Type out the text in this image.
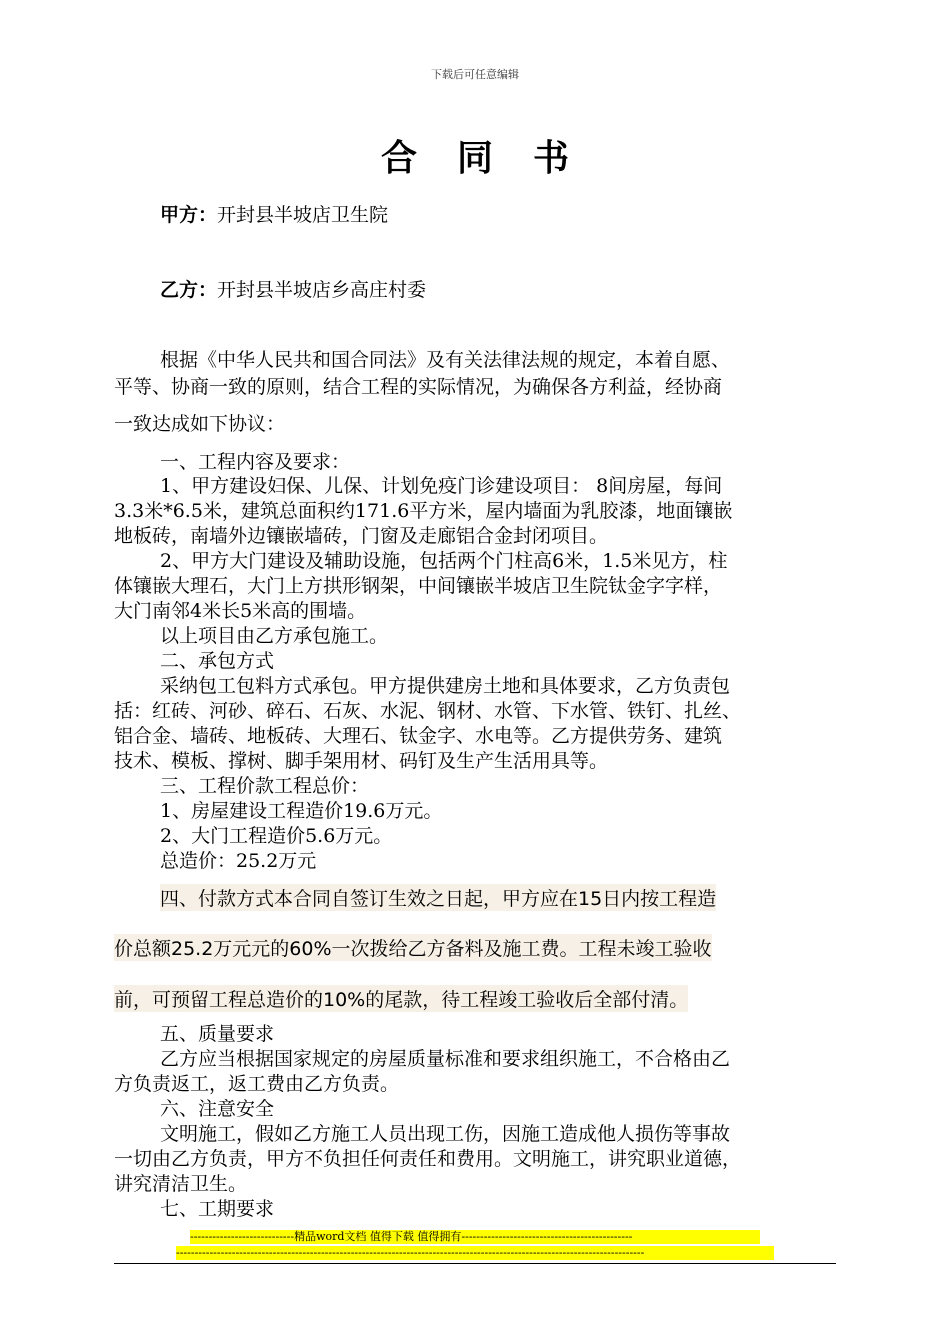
下载后可任意编辑
合同书
甲方：开封县半坡店卫生院
乙方：开封县半坡店乡高庄村委
根据《中华人民共和国合同法》及有关法律法规的规定，本着自愿、
平等、协商一致的原则，结合工程的实际情况，为确保各方利益，经协商
一致达成如下协议：
一、工程内容及要求：
1、甲方建设妇保、儿保、计划免疫门诊建设项目： 8间房屋，每间
3.3米*6.5米，建筑总面积约171.6平方米，屋内墙面为乳胶漆，地面镶嵌
地板砖，南墙外边镶嵌墙砖，门窗及走廊铝合金封闭项目。
2、甲方大门建设及辅助设施，包括两个门柱高6米，1.5米见方，柱
体镶嵌大理石，大门上方拱形钢架，中间镶嵌半坡店卫生院钛金字字样，
大门南邻4米长5米高的围墙。
以上项目由乙方承包施工。
二、承包方式
采纳包工包料方式承包。甲方提供建房土地和具体要求，乙方负责包
括：红砖、河砂、碎石、石灰、水泥、钢材、水管、下水管、铁钉、扎丝、
铝合金、墙砖、地板砖、大理石、钛金字、水电等。乙方提供劳务、建筑
技术、模板、撑树、脚手架用材、码钉及生产生活用具等。
三、工程价款工程总价：
1、房屋建设工程造价19.6万元。
2、大门工程造价5.6万元。
总造价：25.2万元
四、付款方式本合同自签订生效之日起，甲方应在15日内按工程造
价总额25.2万元元的60%一次拨给乙方备料及施工费。工程未竣工验收
前，可预留工程总造价的10%的尾款，待工程竣工验收后全部付清。
五、质量要求
乙方应当根据国家规定的房屋质量标准和要求组织施工，不合格由乙
方负责返工，返工费由乙方负责。
六、注意安全
文明施工，假如乙方施工人员出现工伤，因施工造成他人损伤等事故
一切由乙方负责，甲方不负担任何责任和费用。文明施工，讲究职业道德，
讲究清洁卫生。
七、工期要求
----------------------------精品word文档 值得下载 值得拥有----------------------------------------------
------------------------------------------------------------------------------------------------------------------------------
